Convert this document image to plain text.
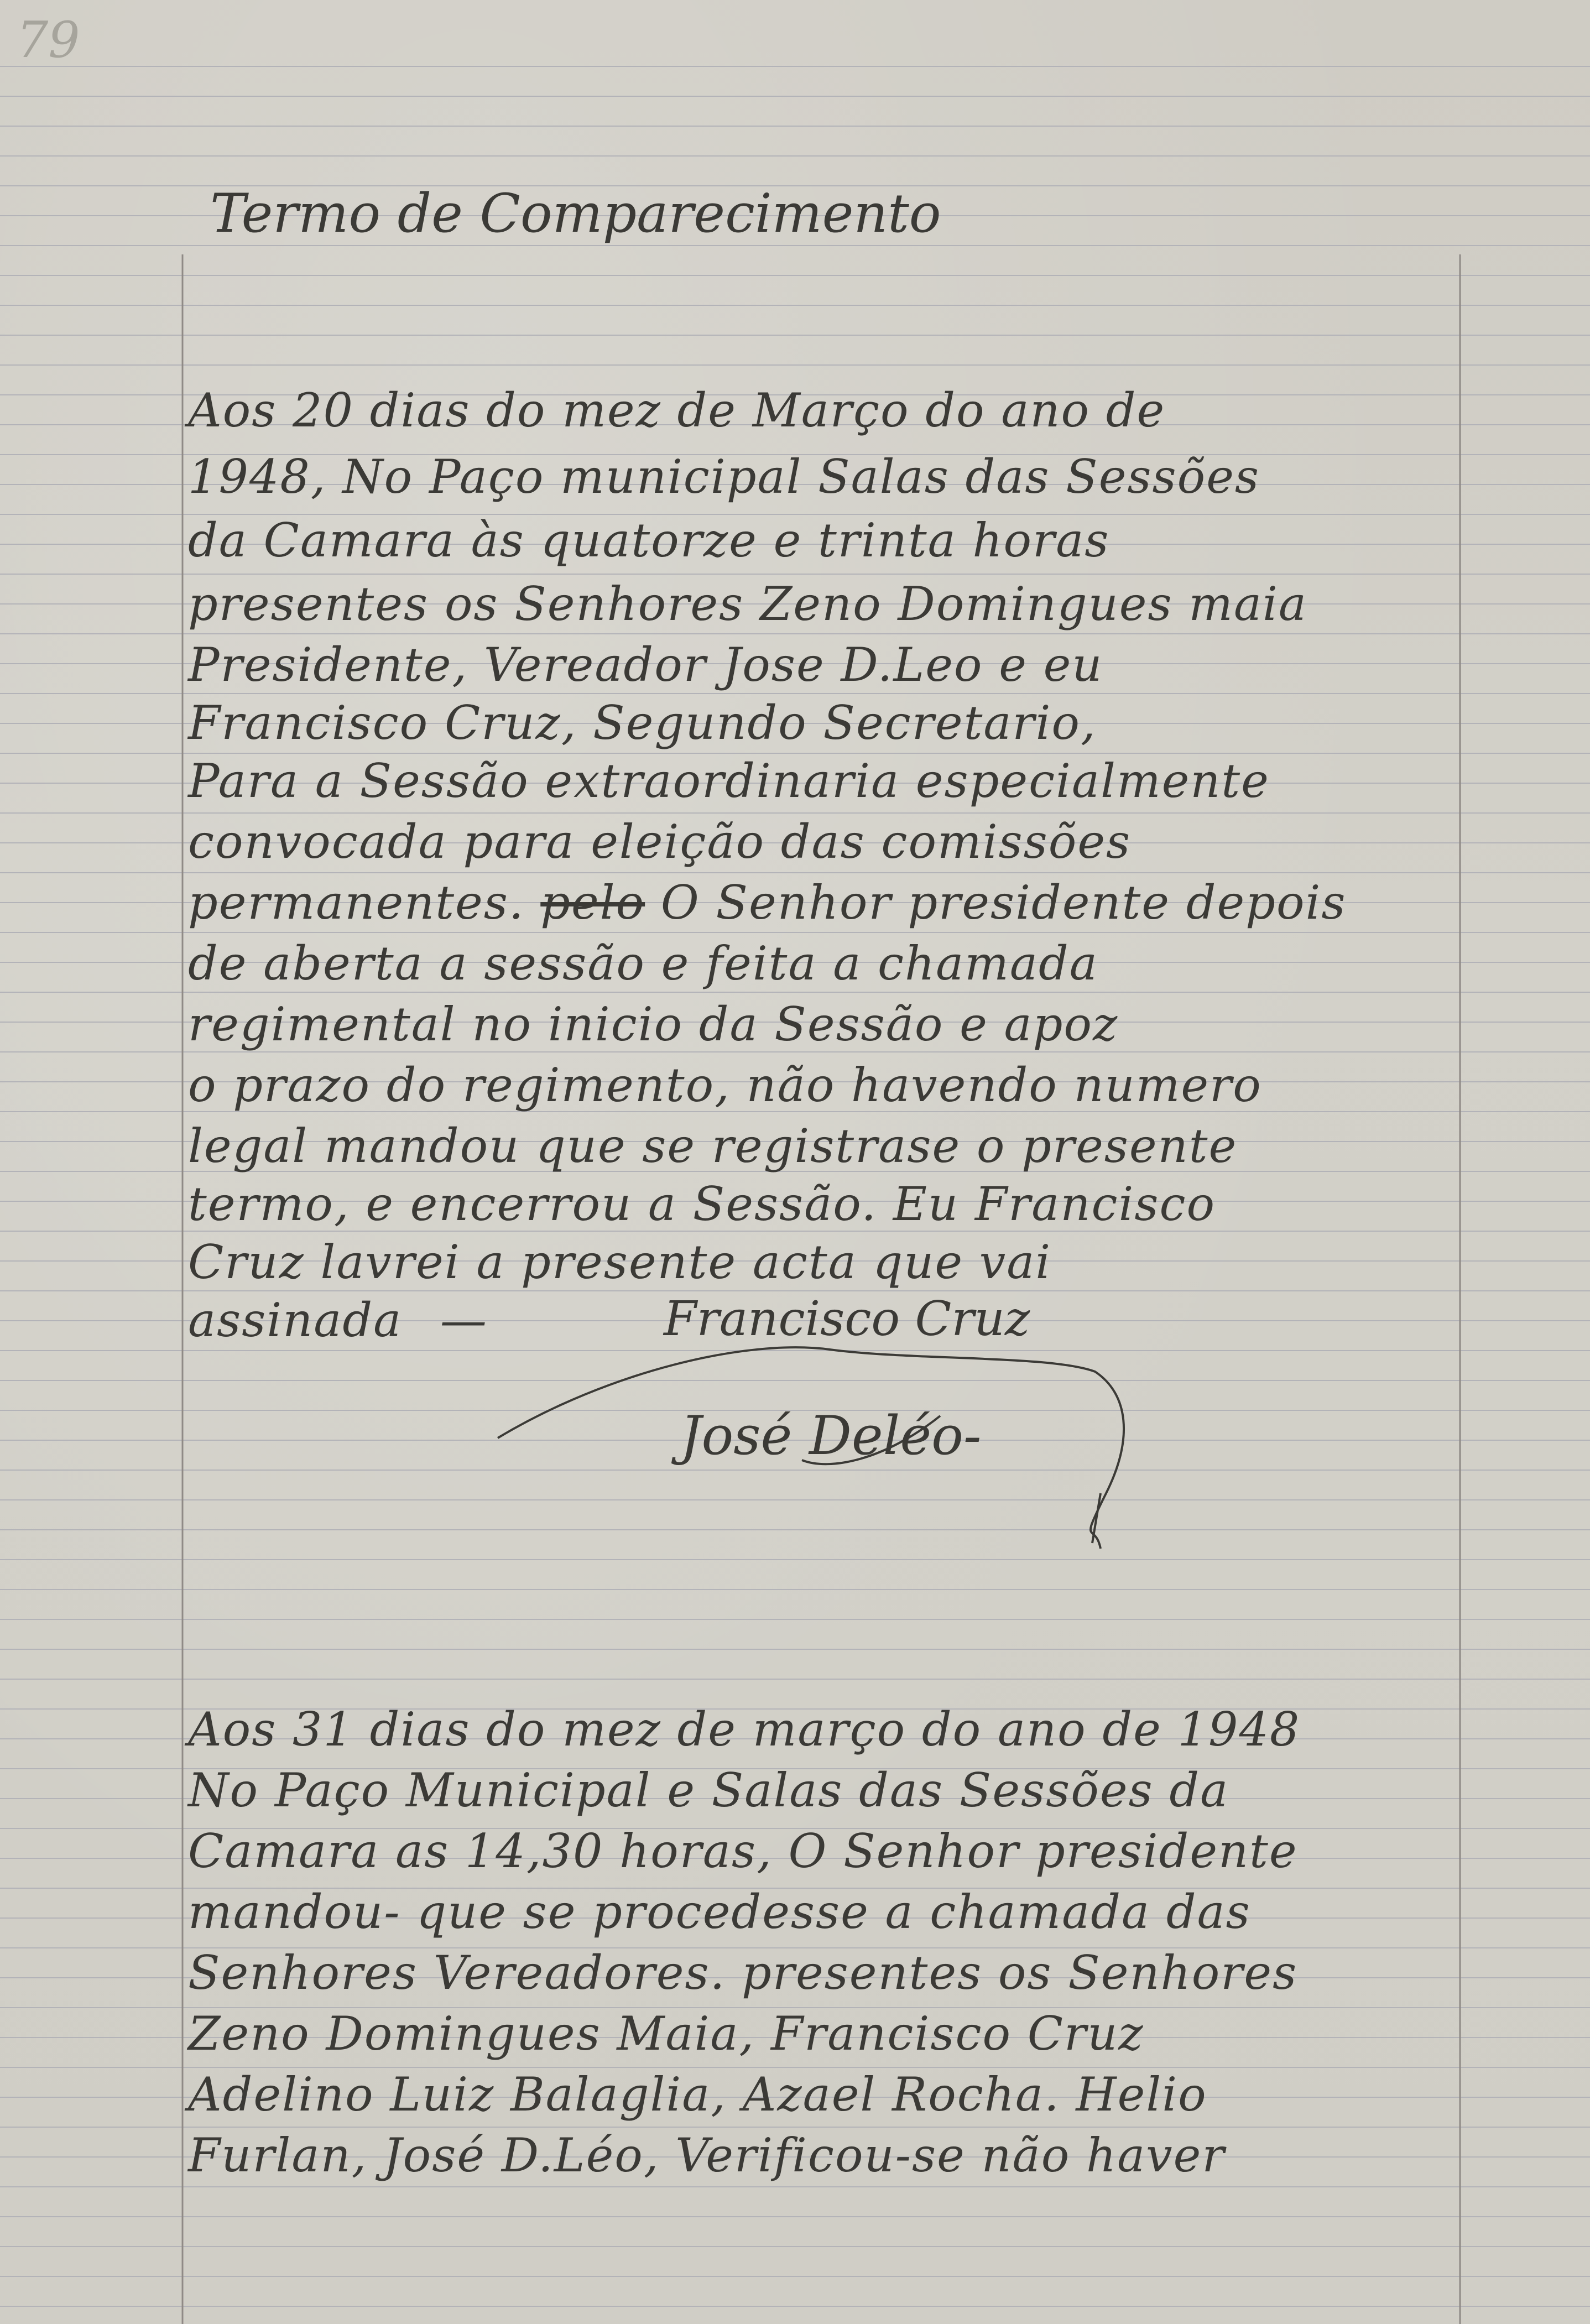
79
Termo de Comparecimento
Aos 20 dias do mez de Março do ano de
1948, No Paço municipal Salas das Sessões
da Camara às quatorze e trinta horas
presentes os Senhores Zeno Domingues maia
Presidente, Vereador Jose D.Leo e eu
Francisco Cruz, Segundo Secretario,
Para a Sessão extraordinaria especialmente
convocada para eleição das comissões
permanentes. pelo O Senhor presidente depois
de aberta a sessão e feita a chamada
regimental no inicio da Sessão e apoz
o prazo do regimento, não havendo numero
legal mandou que se registrase o presente
termo, e encerrou a Sessão. Eu Francisco
Cruz lavrei a presente acta que vai
assinada —	Francisco Cruz
José Deléo-
Aos 31 dias do mez de março do ano de 1948
No Paço Municipal e Salas das Sessões da
Camara as 14,30 horas, O Senhor presidente
mandou- que se procedesse a chamada das
Senhores Vereadores. presentes os Senhores
Zeno Domingues Maia, Francisco Cruz
Adelino Luiz Balaglia, Azael Rocha. Helio
Furlan, José D.Léo, Verificou-se não haver
